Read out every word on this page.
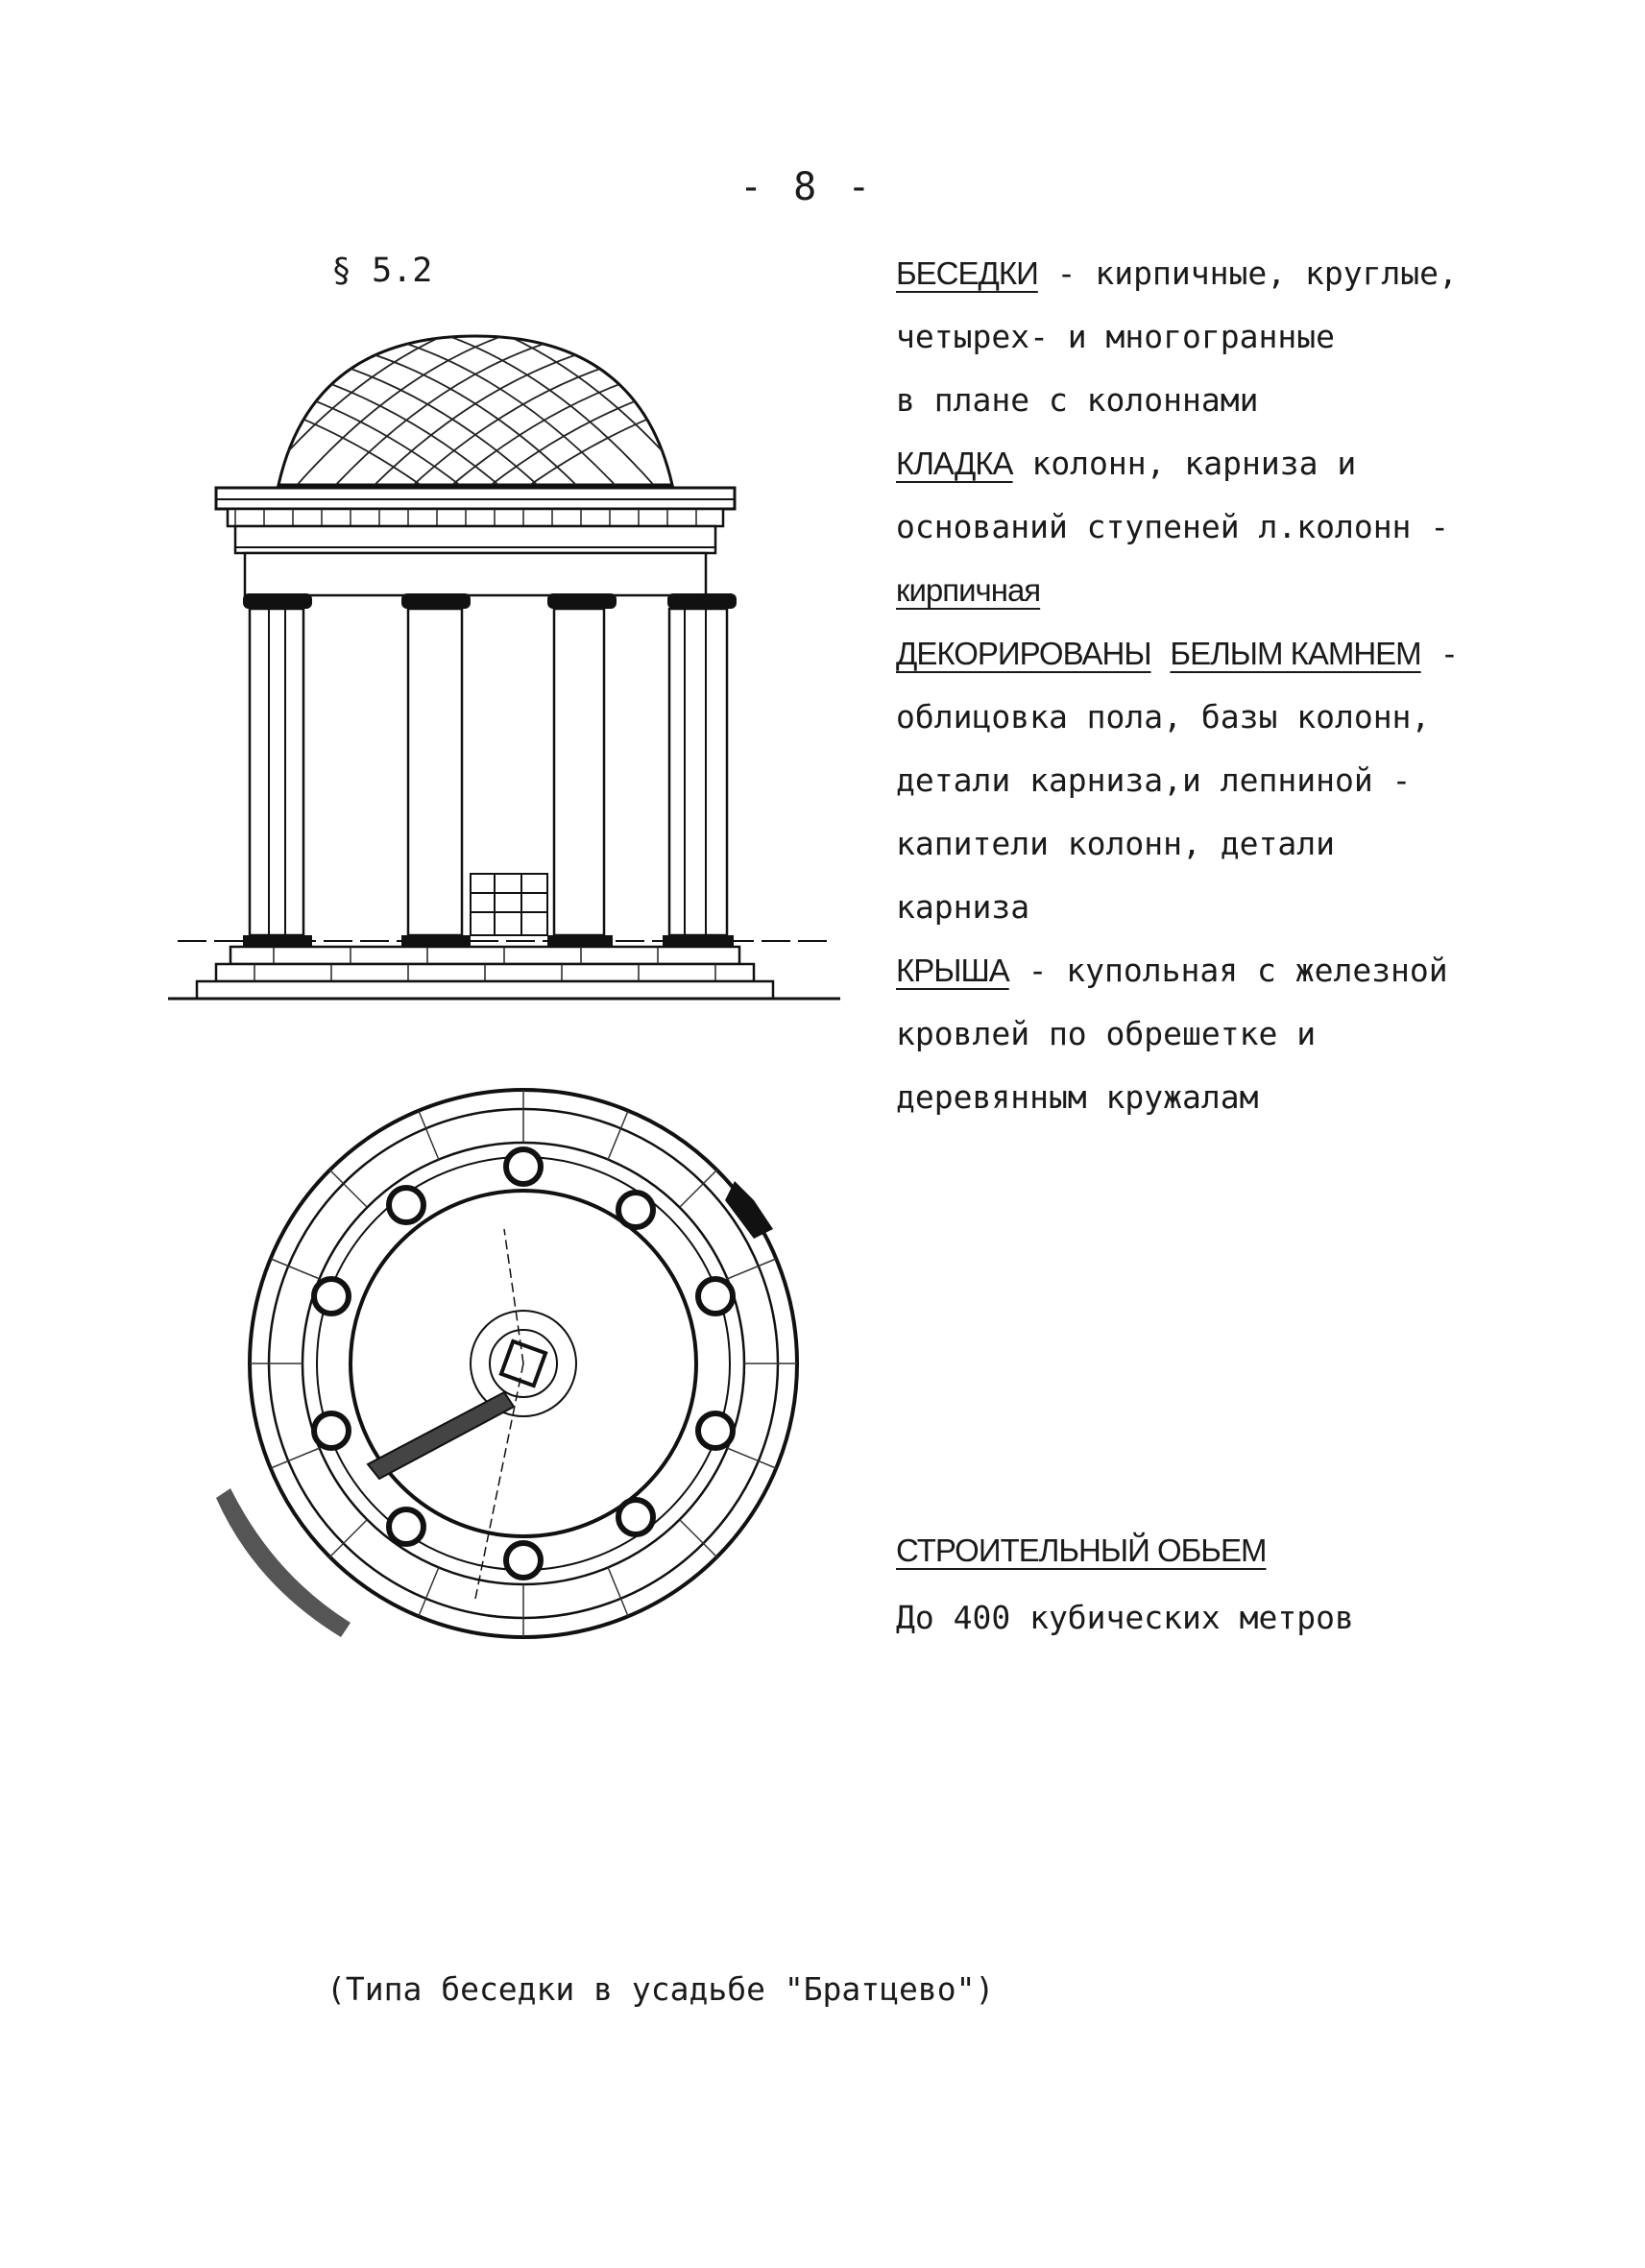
- 8 -
§ 5.2	БЕСЕДКИ - кирпичные, круглые,
четырех- и многогранные
в плане с колоннами
КЛАДКА колонн, карниза и
оснований ступеней л.колонн -
кирпичная
ДЕКОРИРОВАНЫ БЕЛЫМ КАМНЕМ -
облицовка пола, базы колонн,
детали карниза,и лепниной -
капители колонн, детали
карниза
КРЫША - купольная с железной
кровлей по обрешетке и
деревянным кружалам
СТРОИТЕЛЬНЫЙ ОБЬЕМ
До 400 кубических метров
(Типа беседки в усадьбе "Братцево")
